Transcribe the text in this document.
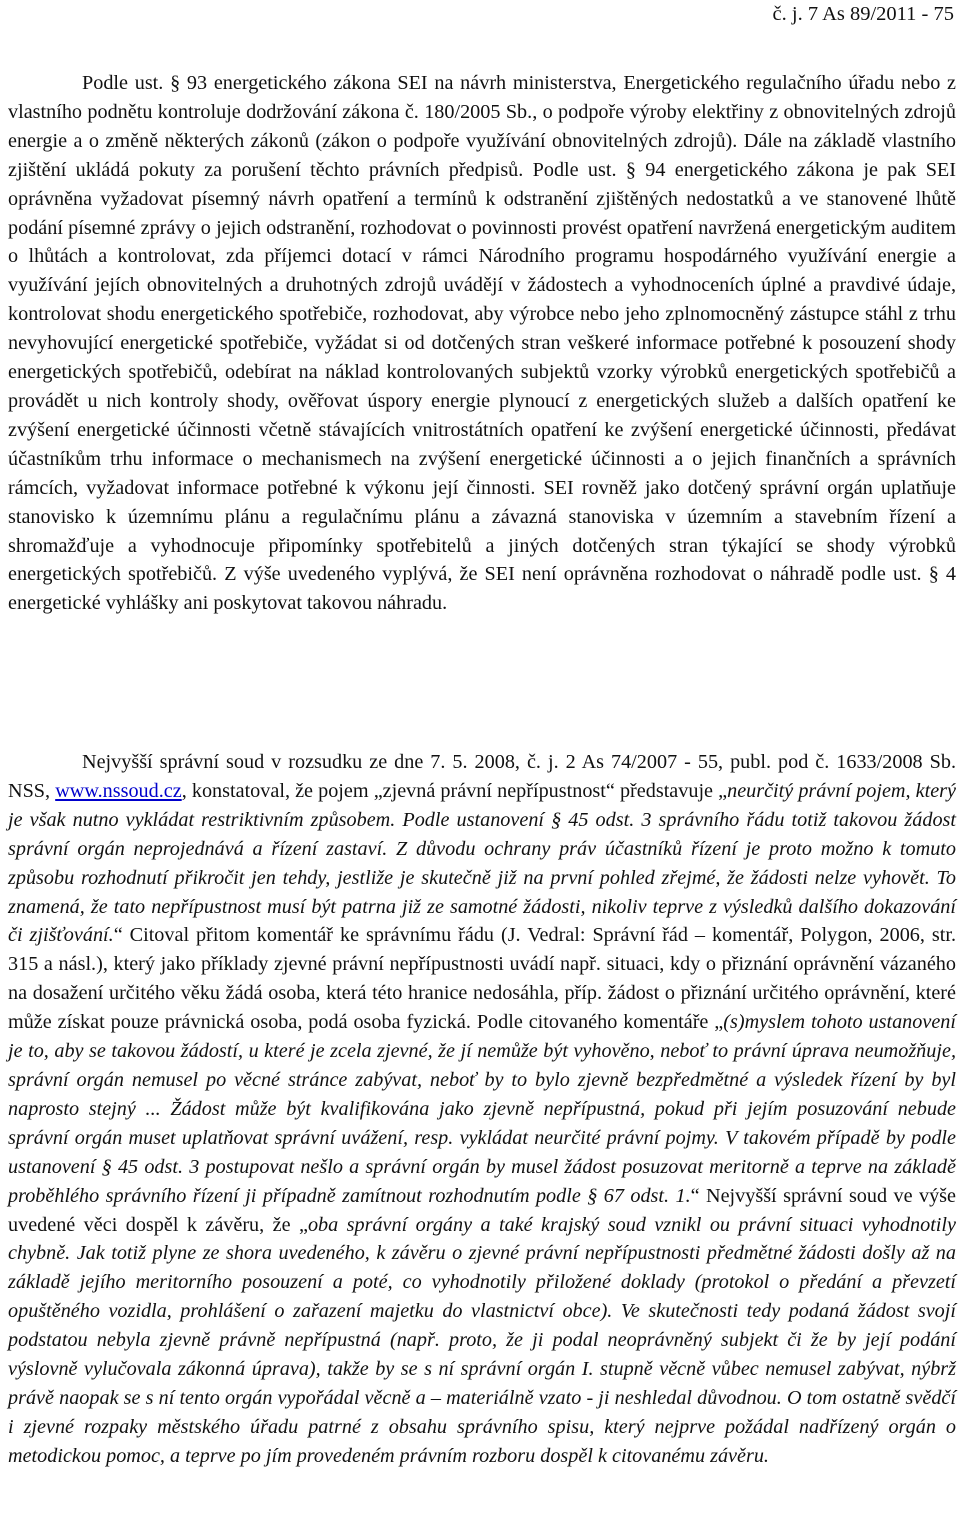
č. j. 7 As 89/2011 - 75

Podle ust. § 93 energetického zákona SEI na návrh ministerstva, Energetického regulačního úřadu nebo z vlastního podnětu kontroluje dodržování zákona č. 180/2005 Sb., o podpoře výroby elektřiny z obnovitelných zdrojů energie a o změně některých zákonů (zákon o podpoře využívání obnovitelných zdrojů). Dále na základě vlastního zjištění ukládá pokuty za porušení těchto právních předpisů. Podle ust. § 94 energetického zákona je pak SEI oprávněna vyžadovat písemný návrh opatření a termínů k odstranění zjištěných nedostatků a ve stanovené lhůtě podání písemné zprávy o jejich odstranění, rozhodovat o povinnosti provést opatření navržená energetickým auditem o lhůtách a kontrolovat, zda příjemci dotací v rámci Národního programu hospodárného využívání energie a využívání jejích obnovitelných a druhotných zdrojů uvádějí v žádostech a vyhodnoceních úplné a pravdivé údaje, kontrolovat shodu energetického spotřebiče, rozhodovat, aby výrobce nebo jeho zplnomocněný zástupce stáhl z trhu nevyhovující energetické spotřebiče, vyžádat si od dotčených stran veškeré informace potřebné k posouzení shody energetických spotřebičů, odebírat na náklad kontrolovaných subjektů vzorky výrobků energetických spotřebičů a provádět u nich kontroly shody, ověřovat úspory energie plynoucí z energetických služeb a dalších opatření ke zvýšení energetické účinnosti včetně stávajících vnitrostátních opatření ke zvýšení energetické účinnosti, předávat účastníkům trhu informace o mechanismech na zvýšení energetické účinnosti a o jejich finančních a správních rámcích, vyžadovat informace potřebné k výkonu její činnosti. SEI rovněž jako dotčený správní orgán uplatňuje stanovisko k územnímu plánu a regulačnímu plánu a závazná stanoviska v územním a stavebním řízení a shromažďuje a vyhodnocuje připomínky spotřebitelů a jiných dotčených stran týkající se shody výrobků energetických spotřebičů. Z výše uvedeného vyplývá, že SEI není oprávněna rozhodovat o náhradě podle ust. § 4 energetické vyhlášky ani poskytovat takovou náhradu.

Nejvyšší správní soud v rozsudku ze dne 7. 5. 2008, č. j. 2 As 74/2007 - 55, publ. pod č. 1633/2008 Sb. NSS, www.nssoud.cz, konstatoval, že pojem „zjevná právní nepřípustnost“ představuje „neurčitý právní pojem, který je však nutno vykládat restriktivním způsobem. Podle ustanovení § 45 odst. 3 správního řádu totiž takovou žádost správní orgán neprojednává a řízení zastaví. Z důvodu ochrany práv účastníků řízení je proto možno k tomuto způsobu rozhodnutí přikročit jen tehdy, jestliže je skutečně již na první pohled zřejmé, že žádosti nelze vyhovět. To znamená, že tato nepřípustnost musí být patrna již ze samotné žádosti, nikoliv teprve z výsledků dalšího dokazování či zjišťování.“ Citoval přitom komentář ke správnímu řádu (J. Vedral: Správní řád – komentář, Polygon, 2006, str. 315 a násl.), který jako příklady zjevné právní nepřípustnosti uvádí např. situaci, kdy o přiznání oprávnění vázaného na dosažení určitého věku žádá osoba, která této hranice nedosáhla, příp. žádost o přiznání určitého oprávnění, které může získat pouze právnická osoba, podá osoba fyzická. Podle citovaného komentáře „(s)myslem tohoto ustanovení je to, aby se takovou žádostí, u které je zcela zjevné, že jí nemůže být vyhověno, neboť to právní úprava neumožňuje, správní orgán nemusel po věcné stránce zabývat, neboť by to bylo zjevně bezpředmětné a výsledek řízení by byl naprosto stejný ... Žádost může být kvalifikována jako zjevně nepřípustná, pokud při jejím posuzování nebude správní orgán muset uplatňovat správní uvážení, resp. vykládat neurčité právní pojmy. V takovém případě by podle ustanovení § 45 odst. 3 postupovat nešlo a správní orgán by musel žádost posuzovat meritorně a teprve na základě proběhlého správního řízení ji případně zamítnout rozhodnutím podle § 67 odst. 1.“ Nejvyšší správní soud ve výše uvedené věci dospěl k závěru, že „oba správní orgány a také krajský soud vznikl ou právní situaci vyhodnotily chybně. Jak totiž plyne ze shora uvedeného, k závěru o zjevné právní nepřípustnosti předmětné žádosti došly až na základě jejího meritorního posouzení a poté, co vyhodnotily přiložené doklady (protokol o předání a převzetí opuštěného vozidla, prohlášení o zařazení majetku do vlastnictví obce). Ve skutečnosti tedy podaná žádost svojí podstatou nebyla zjevně právně nepřípustná (např. proto, že ji podal neoprávněný subjekt či že by její podání výslovně vylučovala zákonná úprava), takže by se s ní správní orgán I. stupně věcně vůbec nemusel zabývat, nýbrž právě naopak se s ní tento orgán vypořádal věcně a – materiálně vzato - ji neshledal důvodnou. O tom ostatně svědčí i zjevné rozpaky městského úřadu patrné z obsahu správního spisu, který nejprve požádal nadřízený orgán o metodickou pomoc, a teprve po jím provedeném právním rozboru dospěl k citovanému závěru.
